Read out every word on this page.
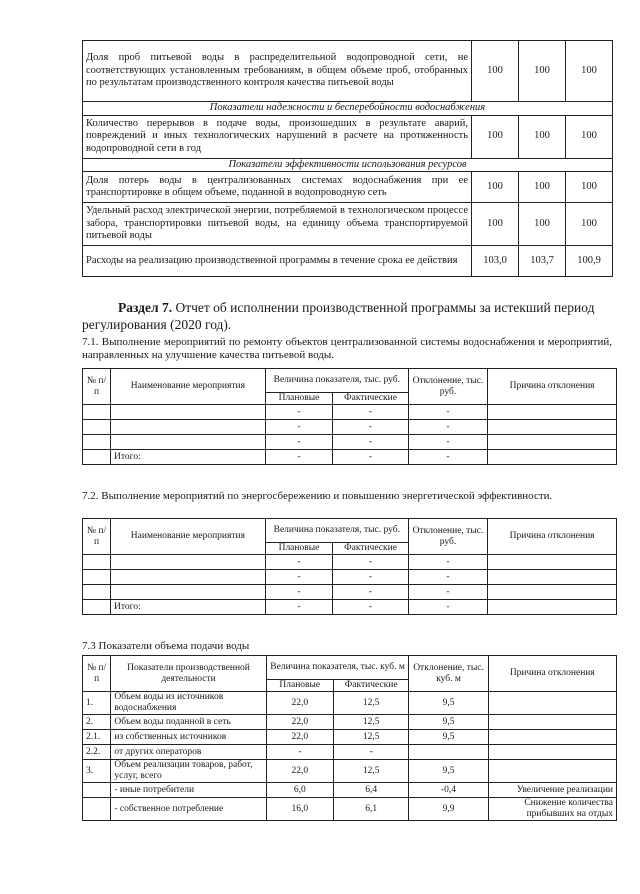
Доля проб питьевой воды в распределительной водопроводной сети, не соответствующих установленным требованиям, в общем объеме проб, отобранных по результатам производственного контроля качества питьевой воды	100	100	100
Показатели надежности и бесперебойности водоснабжения			
Количество перерывов в подаче воды, произошедших в результате аварий, повреждений и иных технологических нарушений в расчете на протяженность водопроводной сети в год	100	100	100
Показатели эффективности использования ресурсов			
Доля потерь воды в централизованных системах водоснабжения при ее транспортировке в общем объеме, поданной в водопроводную сеть	100	100	100
Удельный расход электрической энергии, потребляемой в технологическом процессе забора, транспортировки питьевой воды, на единицу объема транспортируемой питьевой воды	100	100	100
Расходы на реализацию производственной программы в течение срока ее действия	103,0	103,7	100,9
Раздел 7. Отчет об исполнении производственной программы за истекший период регулирования (2020 год).
7.1. Выполнение мероприятий по ремонту объектов централизованной системы водоснабжения и мероприятий, направленных на улучшение качества питьевой воды.
№ п/п	Наименование мероприятия	Величина показателя, тыс. руб.		Отклонение, тыс. руб.	Причина отклонения
		Плановые	Фактические		
		-	-	-	
		-	-	-	
		-	-	-	
	Итого:	-	-	-	
7.2. Выполнение мероприятий по энергосбережению и повышению энергетической эффективности.
№ п/п	Наименование мероприятия	Величина показателя, тыс. руб.		Отклонение, тыс. руб.	Причина отклонения
		Плановые	Фактические		
		-	-	-	
		-	-	-	
		-	-	-	
	Итого:	-	-	-	
7.3 Показатели объема подачи воды
№ п/п	Показатели производственной деятельности	Величина показателя, тыс. куб. м		Отклонение, тыс. куб. м	Причина отклонения
		Плановые	Фактические		
1.	Объем воды из источников водоснабжения	22,0	12,5	9,5	
2.	Объем воды поданной в сеть	22,0	12,5	9,5	
2.1.	из собственных источников	22,0	12,5	9,5	
2.2.	от других операторов	-	-		
3.	Объем реализации товаров, работ, услуг, всего	22,0	12,5	9,5	
	- иные потребители	6,0	6,4	-0,4	Увеличение реализации
	- собственное потребление	16,0	6,1	9,9	Снижение количества прибывших на отдых
